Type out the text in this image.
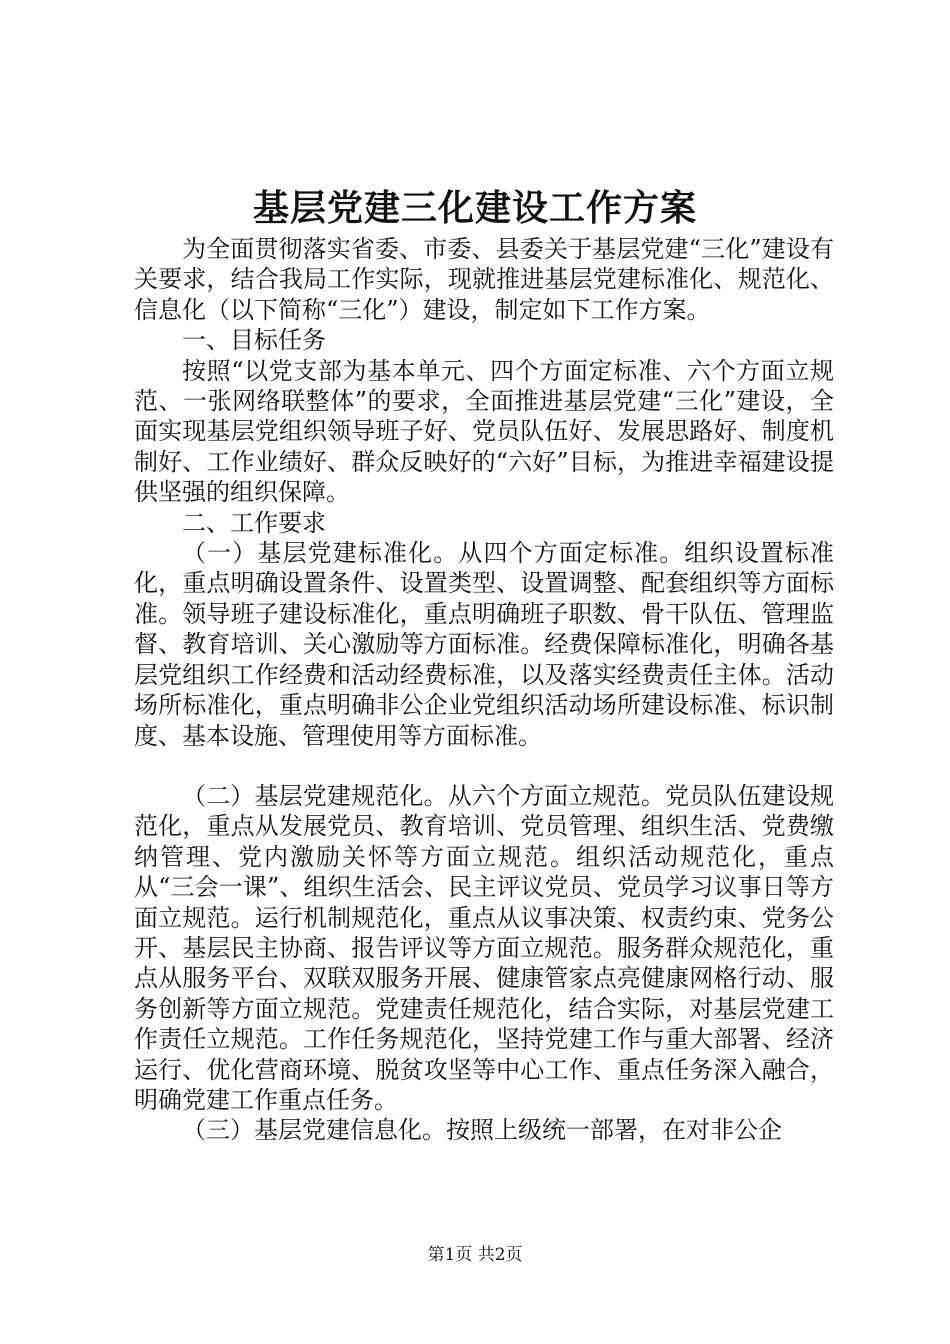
基层党建三化建设工作方案

为全面贯彻落实省委、市委、县委关于基层党建“三化”建设有关要求，结合我局工作实际，现就推进基层党建标准化、规范化、信息化（以下简称“三化”）建设，制定如下工作方案。

一、目标任务

按照“以党支部为基本单元、四个方面定标准、六个方面立规范、一张网络联整体”的要求，全面推进基层党建“三化”建设，全面实现基层党组织领导班子好、党员队伍好、发展思路好、制度机制好、工作业绩好、群众反映好的“六好”目标，为推进幸福建设提供坚强的组织保障。

二、工作要求

（一）基层党建标准化。从四个方面定标准。组织设置标准化，重点明确设置条件、设置类型、设置调整、配套组织等方面标准。领导班子建设标准化，重点明确班子职数、骨干队伍、管理监督、教育培训、关心激励等方面标准。经费保障标准化，明确各基层党组织工作经费和活动经费标准，以及落实经费责任主体。活动场所标准化，重点明确非公企业党组织活动场所建设标准、标识制度、基本设施、管理使用等方面标准。

（二）基层党建规范化。从六个方面立规范。党员队伍建设规范化，重点从发展党员、教育培训、党员管理、组织生活、党费缴纳管理、党内激励关怀等方面立规范。组织活动规范化，重点从“三会一课”、组织生活会、民主评议党员、党员学习议事日等方面立规范。运行机制规范化，重点从议事决策、权责约束、党务公开、基层民主协商、报告评议等方面立规范。服务群众规范化，重点从服务平台、双联双服务开展、健康管家点亮健康网格行动、服务创新等方面立规范。党建责任规范化，结合实际，对基层党建工作责任立规范。工作任务规范化，坚持党建工作与重大部署、经济运行、优化营商环境、脱贫攻坚等中心工作、重点任务深入融合，明确党建工作重点任务。

（三）基层党建信息化。按照上级统一部署，在对非公企

第1页 共2页
